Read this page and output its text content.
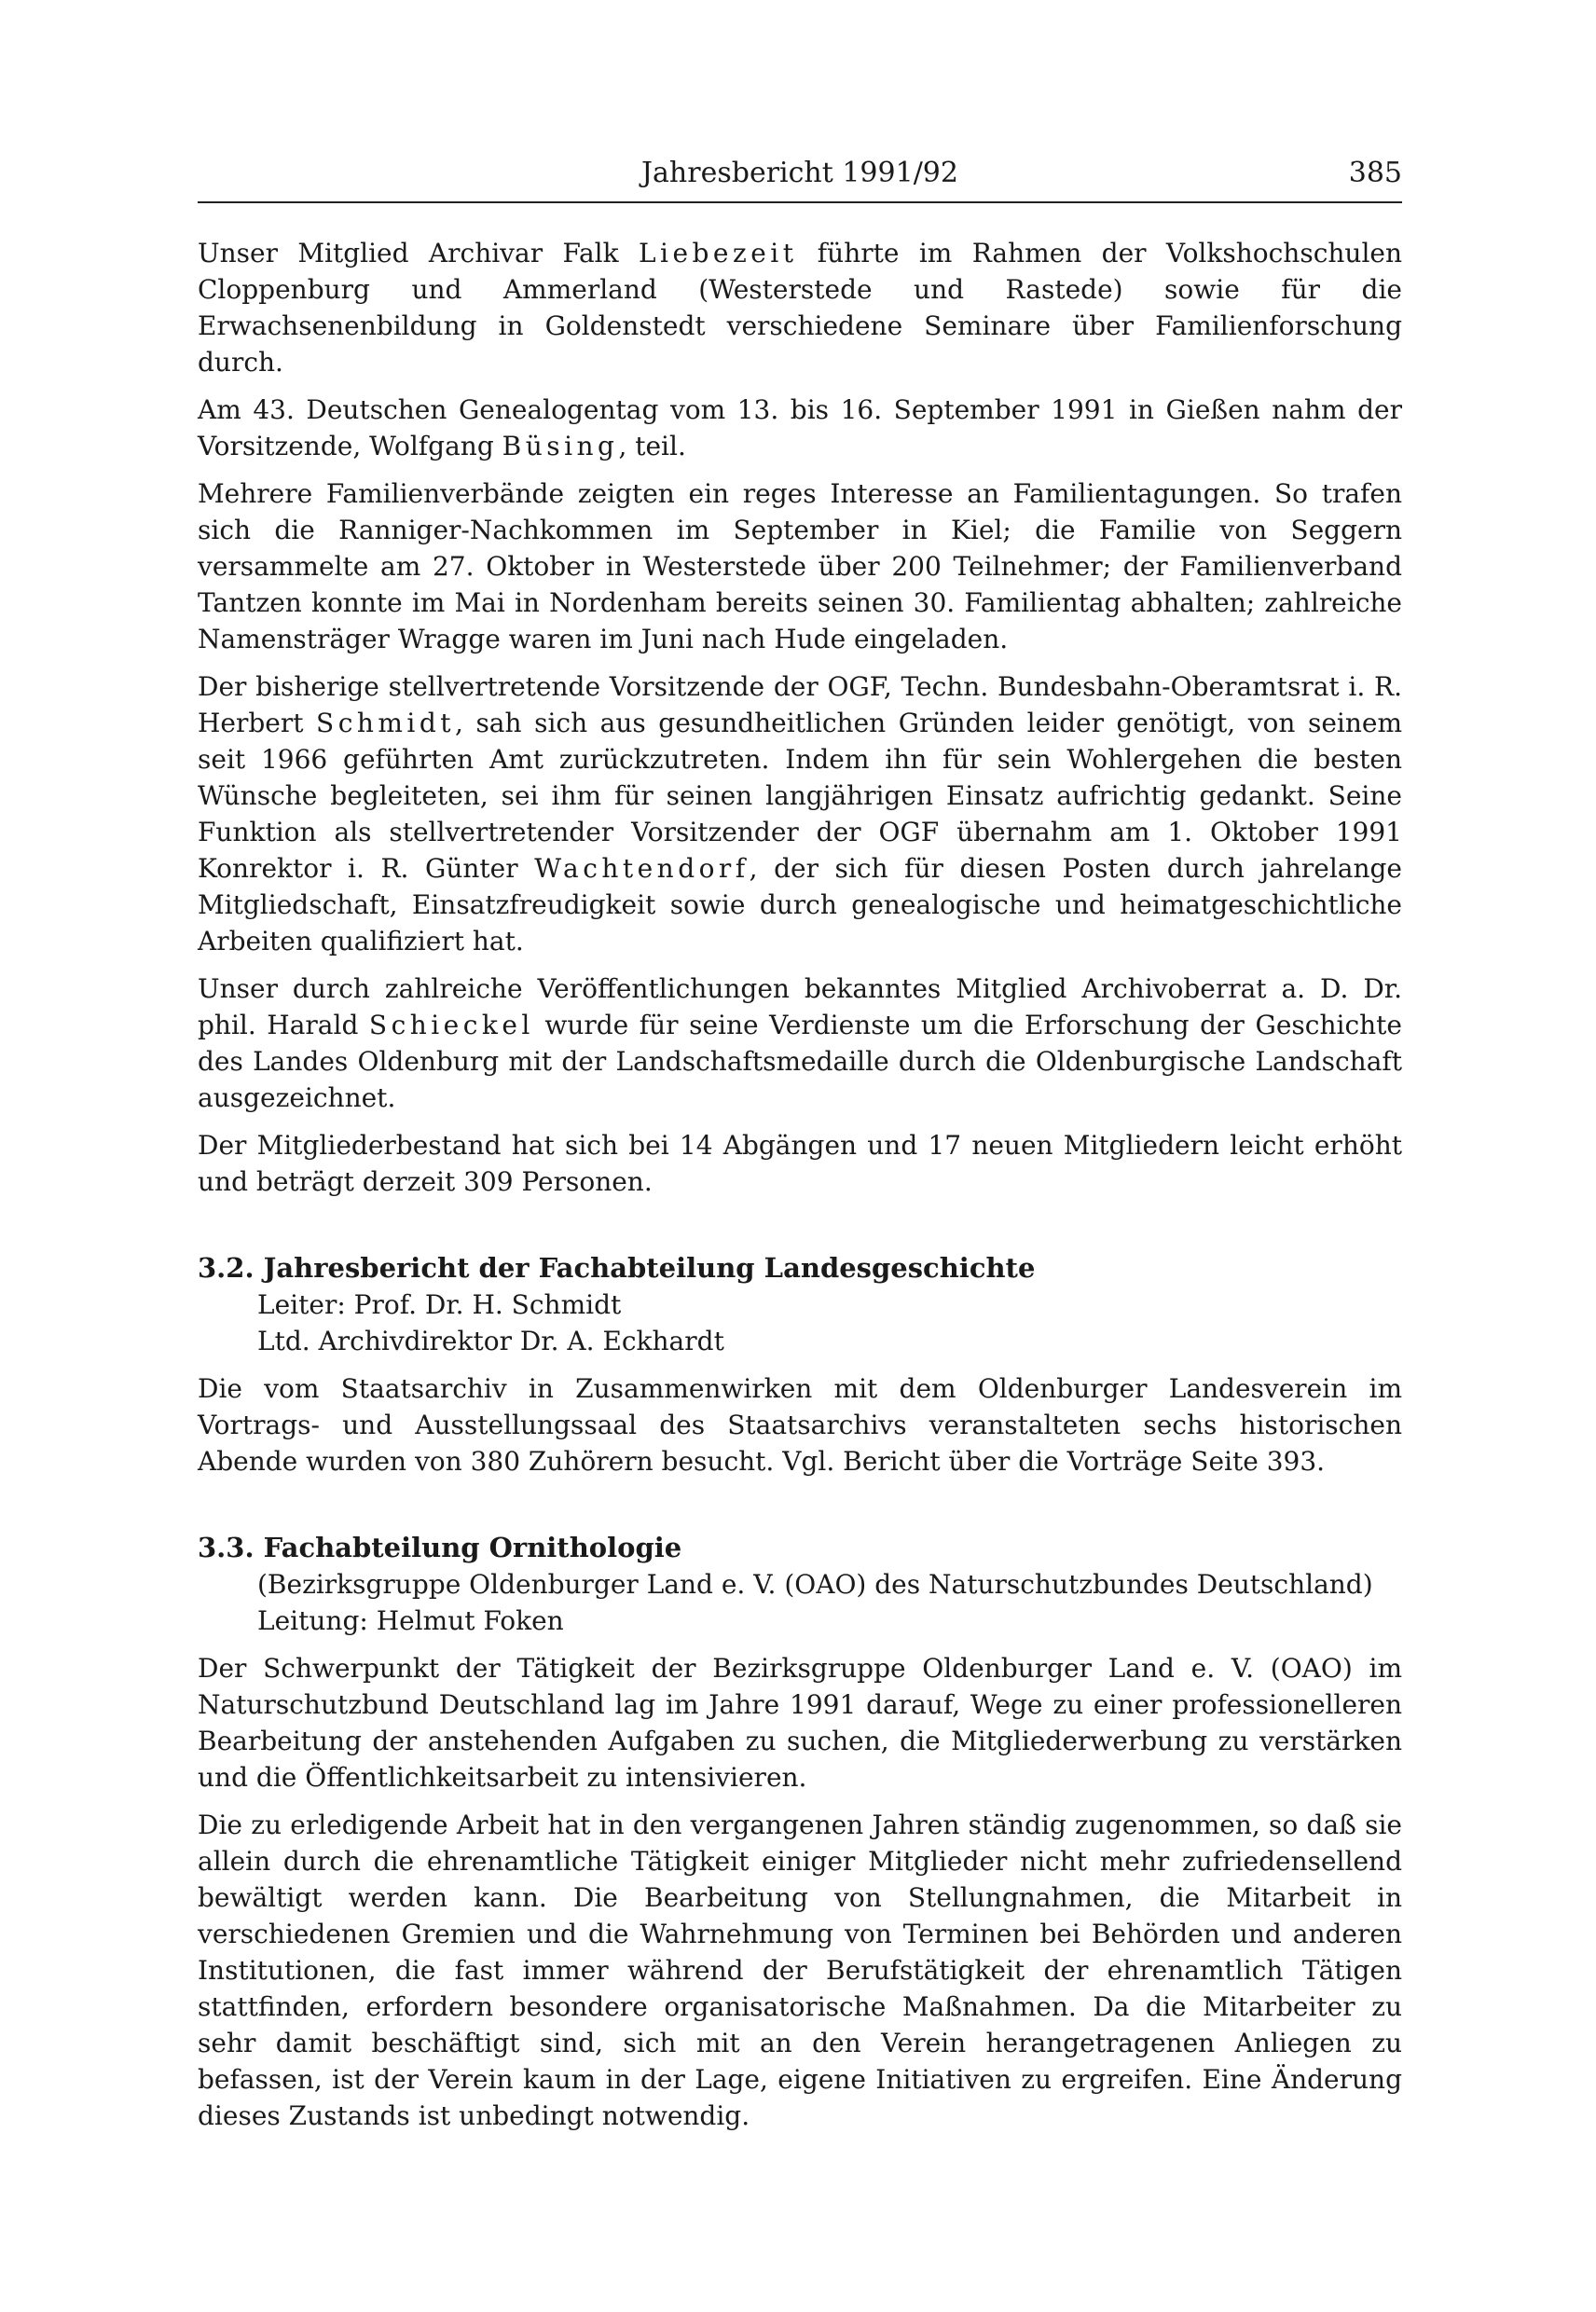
Jahresbericht 1991/92	385

Unser Mitglied Archivar Falk Liebezeit führte im Rahmen der Volkshochschulen Cloppenburg und Ammerland (Westerstede und Rastede) sowie für die Erwachsenenbildung in Goldenstedt verschiedene Seminare über Familienforschung durch.

Am 43. Deutschen Genealogentag vom 13. bis 16. September 1991 in Gießen nahm der Vorsitzende, Wolfgang Büsing, teil.

Mehrere Familienverbände zeigten ein reges Interesse an Familientagungen. So trafen sich die Ranniger-Nachkommen im September in Kiel; die Familie von Seggern versammelte am 27. Oktober in Westerstede über 200 Teilnehmer; der Familienverband Tantzen konnte im Mai in Nordenham bereits seinen 30. Familientag abhalten; zahlreiche Namensträger Wragge waren im Juni nach Hude eingeladen.

Der bisherige stellvertretende Vorsitzende der OGF, Techn. Bundesbahn-Oberamtsrat i. R. Herbert Schmidt, sah sich aus gesundheitlichen Gründen leider genötigt, von seinem seit 1966 geführten Amt zurückzutreten. Indem ihn für sein Wohlergehen die besten Wünsche begleiteten, sei ihm für seinen langjährigen Einsatz aufrichtig gedankt. Seine Funktion als stellvertretender Vorsitzender der OGF übernahm am 1. Oktober 1991 Konrektor i. R. Günter Wachtendorf, der sich für diesen Posten durch jahrelange Mitgliedschaft, Einsatzfreudigkeit sowie durch genealogische und heimatgeschichtliche Arbeiten qualifiziert hat.

Unser durch zahlreiche Veröffentlichungen bekanntes Mitglied Archivoberrat a. D. Dr. phil. Harald Schieckel wurde für seine Verdienste um die Erforschung der Geschichte des Landes Oldenburg mit der Landschaftsmedaille durch die Oldenburgische Landschaft ausgezeichnet.

Der Mitgliederbestand hat sich bei 14 Abgängen und 17 neuen Mitgliedern leicht erhöht und beträgt derzeit 309 Personen.

3.2. Jahresbericht der Fachabteilung Landesgeschichte

Leiter: Prof. Dr. H. Schmidt

Ltd. Archivdirektor Dr. A. Eckhardt

Die vom Staatsarchiv in Zusammenwirken mit dem Oldenburger Landesverein im Vortrags- und Ausstellungssaal des Staatsarchivs veranstalteten sechs historischen Abende wurden von 380 Zuhörern besucht. Vgl. Bericht über die Vorträge Seite 393.

3.3. Fachabteilung Ornithologie

(Bezirksgruppe Oldenburger Land e. V. (OAO) des Naturschutzbundes Deutschland)

Leitung: Helmut Foken

Der Schwerpunkt der Tätigkeit der Bezirksgruppe Oldenburger Land e. V. (OAO) im Naturschutzbund Deutschland lag im Jahre 1991 darauf, Wege zu einer professionelleren Bearbeitung der anstehenden Aufgaben zu suchen, die Mitgliederwerbung zu verstärken und die Öffentlichkeitsarbeit zu intensivieren.

Die zu erledigende Arbeit hat in den vergangenen Jahren ständig zugenommen, so daß sie allein durch die ehrenamtliche Tätigkeit einiger Mitglieder nicht mehr zufriedensellend bewältigt werden kann. Die Bearbeitung von Stellungnahmen, die Mitarbeit in verschiedenen Gremien und die Wahrnehmung von Terminen bei Behörden und anderen Institutionen, die fast immer während der Berufstätigkeit der ehrenamtlich Tätigen stattfinden, erfordern besondere organisatorische Maßnahmen. Da die Mitarbeiter zu sehr damit beschäftigt sind, sich mit an den Verein herangetragenen Anliegen zu befassen, ist der Verein kaum in der Lage, eigene Initiativen zu ergreifen. Eine Änderung dieses Zustands ist unbedingt notwendig.
